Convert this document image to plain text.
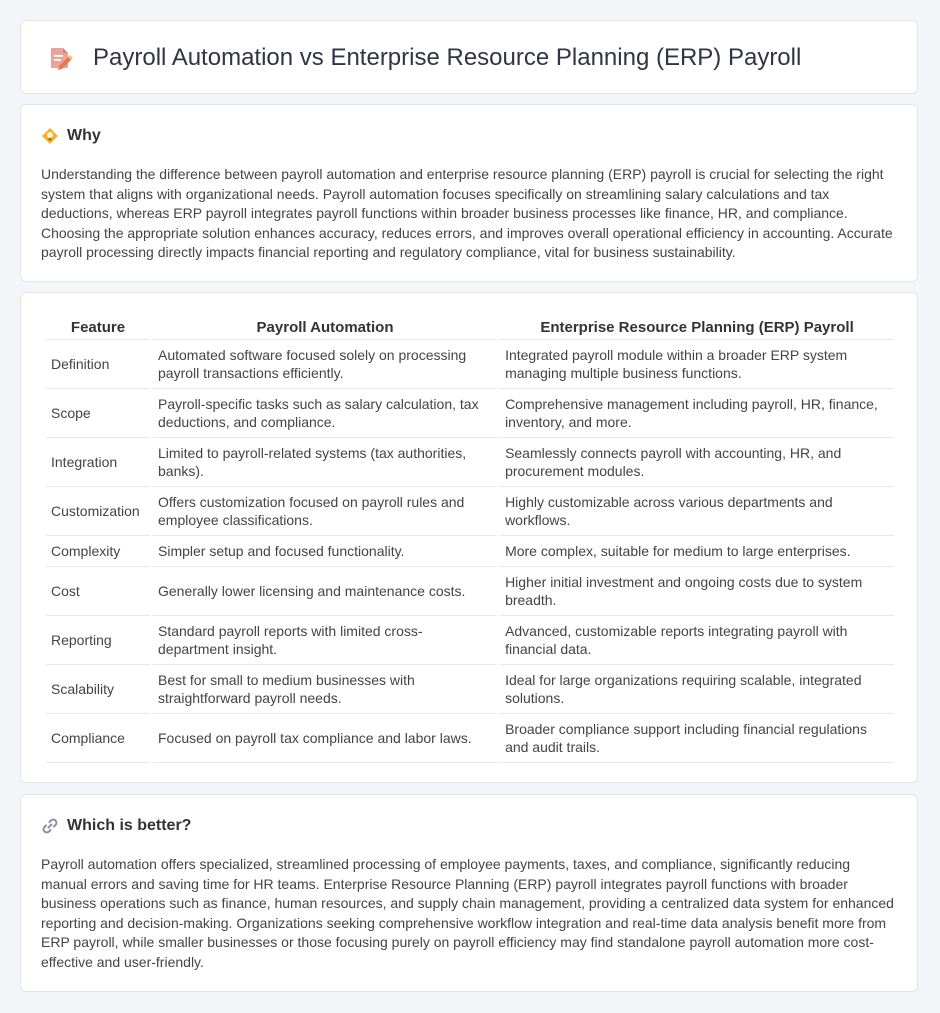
Payroll Automation vs Enterprise Resource Planning (ERP) Payroll
Why

Understanding the difference between payroll automation and enterprise resource planning (ERP) payroll is crucial for selecting the right system that aligns with organizational needs. Payroll automation focuses specifically on streamlining salary calculations and tax deductions, whereas ERP payroll integrates payroll functions within broader business processes like finance, HR, and compliance. Choosing the appropriate solution enhances accuracy, reduces errors, and improves overall operational efficiency in accounting. Accurate payroll processing directly impacts financial reporting and regulatory compliance, vital for business sustainability.

Feature	Payroll Automation	Enterprise Resource Planning (ERP) Payroll
Definition	Automated software focused solely on processing payroll transactions efficiently.	Integrated payroll module within a broader ERP system managing multiple business functions.
Scope	Payroll-specific tasks such as salary calculation, tax deductions, and compliance.	Comprehensive management including payroll, HR, finance, inventory, and more.
Integration	Limited to payroll-related systems (tax authorities, banks).	Seamlessly connects payroll with accounting, HR, and procurement modules.
Customization	Offers customization focused on payroll rules and employee classifications.	Highly customizable across various departments and workflows.
Complexity	Simpler setup and focused functionality.	More complex, suitable for medium to large enterprises.
Cost	Generally lower licensing and maintenance costs.	Higher initial investment and ongoing costs due to system breadth.
Reporting	Standard payroll reports with limited cross-department insight.	Advanced, customizable reports integrating payroll with financial data.
Scalability	Best for small to medium businesses with straightforward payroll needs.	Ideal for large organizations requiring scalable, integrated solutions.
Compliance	Focused on payroll tax compliance and labor laws.	Broader compliance support including financial regulations and audit trails.
Which is better?

Payroll automation offers specialized, streamlined processing of employee payments, taxes, and compliance, significantly reducing manual errors and saving time for HR teams. Enterprise Resource Planning (ERP) payroll integrates payroll functions with broader business operations such as finance, human resources, and supply chain management, providing a centralized data system for enhanced reporting and decision-making. Organizations seeking comprehensive workflow integration and real-time data analysis benefit more from ERP payroll, while smaller businesses or those focusing purely on payroll efficiency may find standalone payroll automation more cost-effective and user-friendly.
